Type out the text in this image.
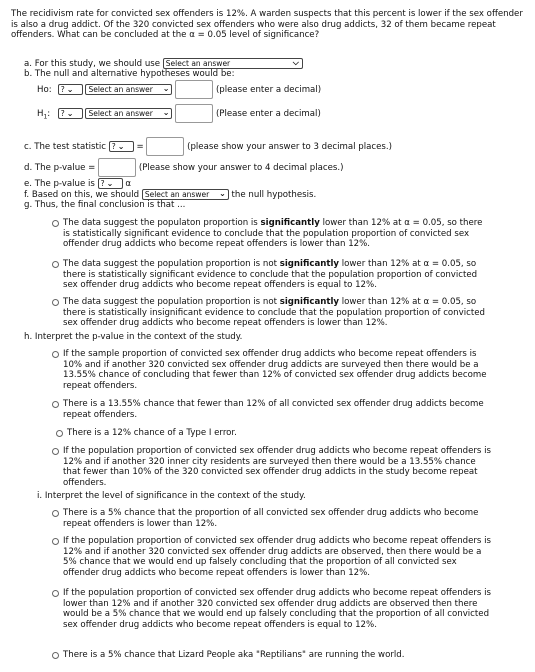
The recidivism rate for convicted sex offenders is 12%. A warden suspects that this percent is lower if the sex offender is also a drug addict. Of the 320 convicted sex offenders who were also drug addicts, 32 of them became repeat offenders. What can be concluded at the α = 0.05 level of significance?
a. For this study, we should use Select an answer	⌵
b. The null and alternative hypotheses would be:
Ho: ? ⌄ Select an answer ⌄	(please enter a decimal)
$H_1$: ? ⌄ Select an answer ⌄	(Please enter a decimal)
c. The test statistic ? ⌄ =	(please show your answer to 3 decimal places.)
d. The p-value =	(Please show your answer to 4 decimal places.)
e. The p-value is ? ⌄ α
f. Based on this, we should Select an answer ⌄ the null hypothesis.
g. Thus, the final conclusion is that ...
The data suggest the populaton proportion is significantly lower than 12% at α = 0.05, so there is statistically significant evidence to conclude that the population proportion of convicted sex offender drug addicts who become repeat offenders is lower than 12%.
The data suggest the population proportion is not significantly lower than 12% at α = 0.05, so there is statistically significant evidence to conclude that the population proportion of convicted sex offender drug addicts who become repeat offenders is equal to 12%.
The data suggest the population proportion is not significantly lower than 12% at α = 0.05, so there is statistically insignificant evidence to conclude that the population proportion of convicted sex offender drug addicts who become repeat offenders is lower than 12%.
h. Interpret the p-value in the context of the study.
If the sample proportion of convicted sex offender drug addicts who become repeat offenders is 10% and if another 320 convicted sex offender drug addicts are surveyed then there would be a 13.55% chance of concluding that fewer than 12% of convicted sex offender drug addicts become repeat offenders.
There is a 13.55% chance that fewer than 12% of all convicted sex offender drug addicts become repeat offenders.
There is a 12% chance of a Type I error.
If the population proportion of convicted sex offender drug addicts who become repeat offenders is 12% and if another 320 inner city residents are surveyed then there would be a 13.55% chance that fewer than 10% of the 320 convicted sex offender drug addicts in the study become repeat offenders.
i. Interpret the level of significance in the context of the study.
There is a 5% chance that the proportion of all convicted sex offender drug addicts who become repeat offenders is lower than 12%.
If the population proportion of convicted sex offender drug addicts who become repeat offenders is 12% and if another 320 convicted sex offender drug addicts are observed, then there would be a 5% chance that we would end up falsely concluding that the proportion of all convicted sex offender drug addicts who become repeat offenders is lower than 12%.
If the population proportion of convicted sex offender drug addicts who become repeat offenders is lower than 12% and if another 320 convicted sex offender drug addicts are observed then there would be a 5% chance that we would end up falsely concluding that the proportion of all convicted sex offender drug addicts who become repeat offenders is equal to 12%.
There is a 5% chance that Lizard People aka "Reptilians" are running the world.
